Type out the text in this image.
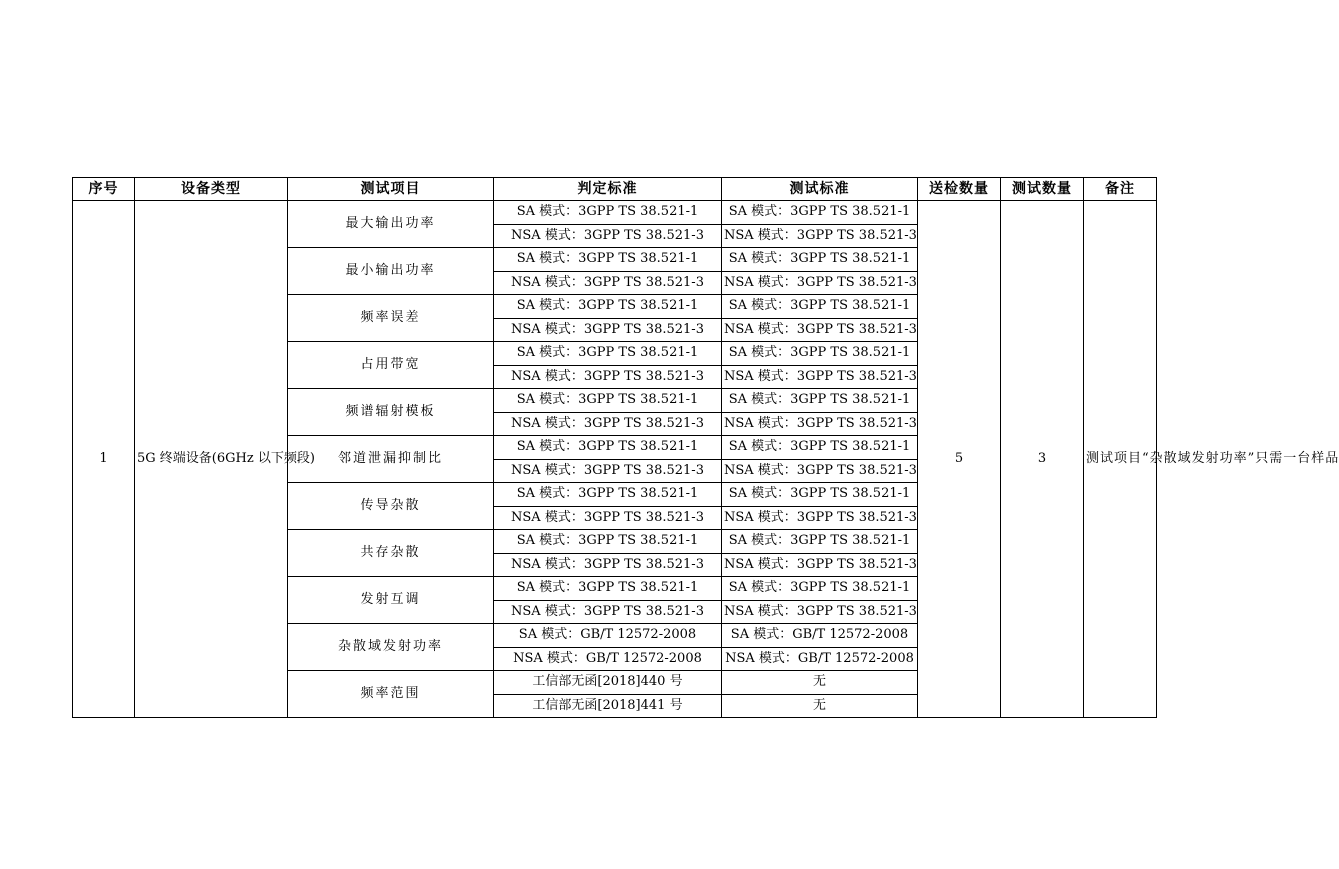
序号	设备类型	测试项目	判定标准	测试标准	送检数量	测试数量	备注
1	5G 终端设备(6GHz 以下频段)	最大输出功率	SA 模式：3GPP TS 38.521-1	SA 模式：3GPP TS 38.521-1	5	3	测试项目“杂散域发射功率”只需一台样品
			NSA 模式：3GPP TS 38.521-3	NSA 模式：3GPP TS 38.521-3			
		最小输出功率	SA 模式：3GPP TS 38.521-1	SA 模式：3GPP TS 38.521-1			
			NSA 模式：3GPP TS 38.521-3	NSA 模式：3GPP TS 38.521-3			
		频率误差	SA 模式：3GPP TS 38.521-1	SA 模式：3GPP TS 38.521-1			
			NSA 模式：3GPP TS 38.521-3	NSA 模式：3GPP TS 38.521-3			
		占用带宽	SA 模式：3GPP TS 38.521-1	SA 模式：3GPP TS 38.521-1			
			NSA 模式：3GPP TS 38.521-3	NSA 模式：3GPP TS 38.521-3			
		频谱辐射模板	SA 模式：3GPP TS 38.521-1	SA 模式：3GPP TS 38.521-1			
			NSA 模式：3GPP TS 38.521-3	NSA 模式：3GPP TS 38.521-3			
		邻道泄漏抑制比	SA 模式：3GPP TS 38.521-1	SA 模式：3GPP TS 38.521-1			
			NSA 模式：3GPP TS 38.521-3	NSA 模式：3GPP TS 38.521-3			
		传导杂散	SA 模式：3GPP TS 38.521-1	SA 模式：3GPP TS 38.521-1			
			NSA 模式：3GPP TS 38.521-3	NSA 模式：3GPP TS 38.521-3			
		共存杂散	SA 模式：3GPP TS 38.521-1	SA 模式：3GPP TS 38.521-1			
			NSA 模式：3GPP TS 38.521-3	NSA 模式：3GPP TS 38.521-3			
		发射互调	SA 模式：3GPP TS 38.521-1	SA 模式：3GPP TS 38.521-1			
			NSA 模式：3GPP TS 38.521-3	NSA 模式：3GPP TS 38.521-3			
		杂散域发射功率	SA 模式：GB/T 12572-2008	SA 模式：GB/T 12572-2008			
			NSA 模式：GB/T 12572-2008	NSA 模式：GB/T 12572-2008			
		频率范围	工信部无函[2018]440 号	无			
			工信部无函[2018]441 号	无			
